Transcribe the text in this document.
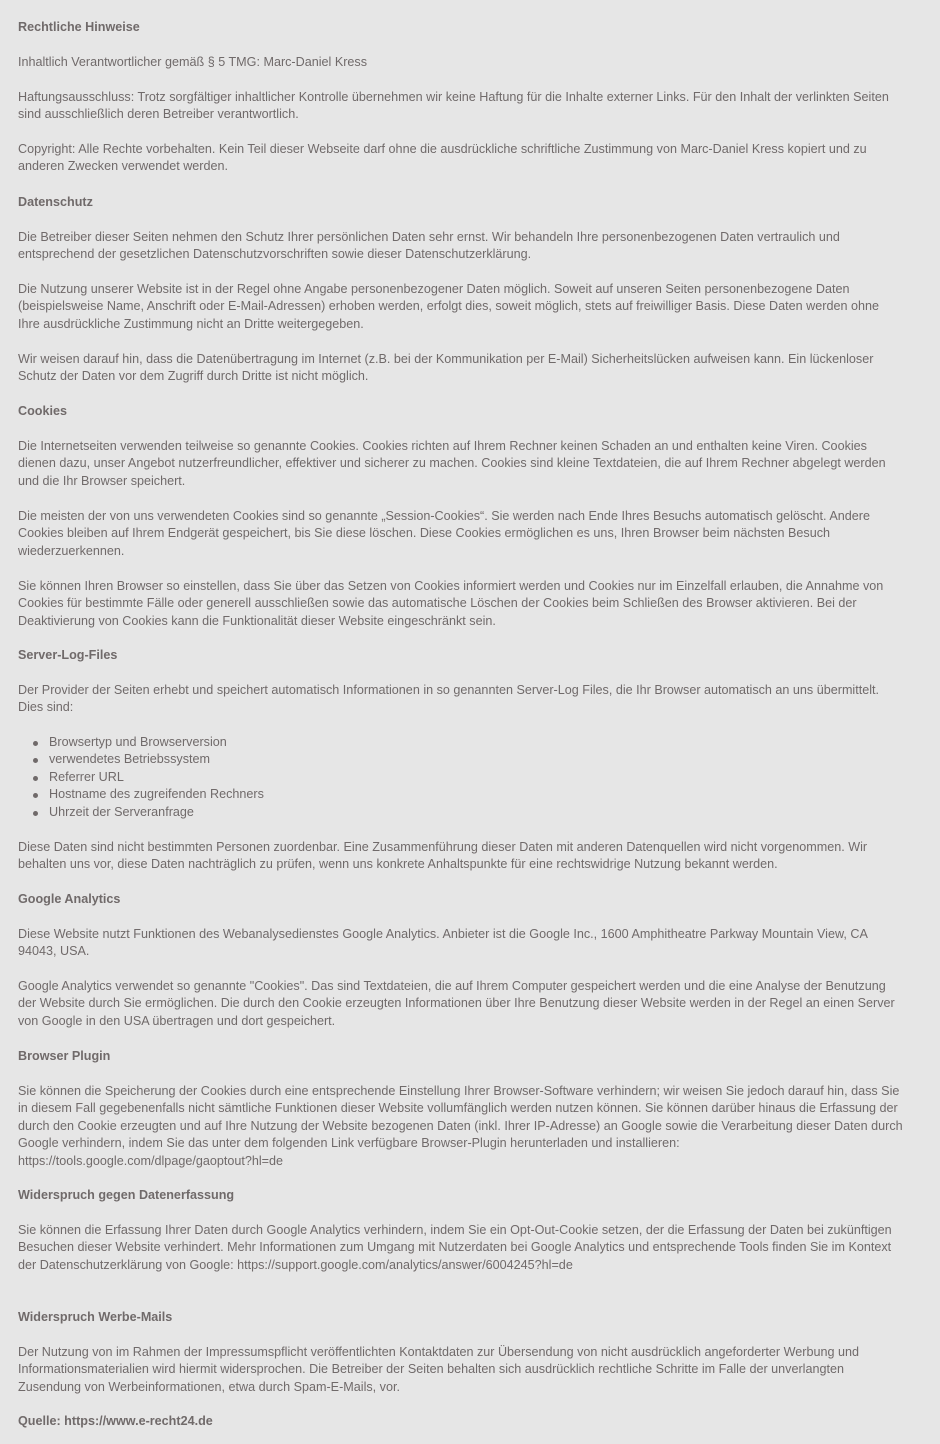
Rechtliche Hinweise

Inhaltlich Verantwortlicher gemäß § 5 TMG: Marc-Daniel Kress

Haftungsausschluss: Trotz sorgfältiger inhaltlicher Kontrolle übernehmen wir keine Haftung für die Inhalte externer Links. Für den Inhalt der verlinkten Seiten sind ausschließlich deren Betreiber verantwortlich.

Copyright: Alle Rechte vorbehalten. Kein Teil dieser Webseite darf ohne die ausdrückliche schriftliche Zustimmung von Marc-Daniel Kress kopiert und zu anderen Zwecken verwendet werden.

Datenschutz

Die Betreiber dieser Seiten nehmen den Schutz Ihrer persönlichen Daten sehr ernst. Wir behandeln Ihre personenbezogenen Daten vertraulich und entsprechend der gesetzlichen Datenschutzvorschriften sowie dieser Datenschutzerklärung.

Die Nutzung unserer Website ist in der Regel ohne Angabe personenbezogener Daten möglich. Soweit auf unseren Seiten personenbezogene Daten (beispielsweise Name, Anschrift oder E-Mail-Adressen) erhoben werden, erfolgt dies, soweit möglich, stets auf freiwilliger Basis. Diese Daten werden ohne Ihre ausdrückliche Zustimmung nicht an Dritte weitergegeben.

Wir weisen darauf hin, dass die Datenübertragung im Internet (z.B. bei der Kommunikation per E-Mail) Sicherheitslücken aufweisen kann. Ein lückenloser Schutz der Daten vor dem Zugriff durch Dritte ist nicht möglich.

Cookies

Die Internetseiten verwenden teilweise so genannte Cookies. Cookies richten auf Ihrem Rechner keinen Schaden an und enthalten keine Viren. Cookies dienen dazu, unser Angebot nutzerfreundlicher, effektiver und sicherer zu machen. Cookies sind kleine Textdateien, die auf Ihrem Rechner abgelegt werden und die Ihr Browser speichert.

Die meisten der von uns verwendeten Cookies sind so genannte „Session-Cookies“. Sie werden nach Ende Ihres Besuchs automatisch gelöscht. Andere Cookies bleiben auf Ihrem Endgerät gespeichert, bis Sie diese löschen. Diese Cookies ermöglichen es uns, Ihren Browser beim nächsten Besuch wiederzuerkennen.

Sie können Ihren Browser so einstellen, dass Sie über das Setzen von Cookies informiert werden und Cookies nur im Einzelfall erlauben, die Annahme von Cookies für bestimmte Fälle oder generell ausschließen sowie das automatische Löschen der Cookies beim Schließen des Browser aktivieren. Bei der Deaktivierung von Cookies kann die Funktionalität dieser Website eingeschränkt sein.

Server-Log-Files

Der Provider der Seiten erhebt und speichert automatisch Informationen in so genannten Server-Log Files, die Ihr Browser automatisch an uns übermittelt. Dies sind:

Browsertyp und Browserversion
verwendetes Betriebssystem
Referrer URL
Hostname des zugreifenden Rechners
Uhrzeit der Serveranfrage

Diese Daten sind nicht bestimmten Personen zuordenbar. Eine Zusammenführung dieser Daten mit anderen Datenquellen wird nicht vorgenommen. Wir behalten uns vor, diese Daten nachträglich zu prüfen, wenn uns konkrete Anhaltspunkte für eine rechtswidrige Nutzung bekannt werden.

Google Analytics

Diese Website nutzt Funktionen des Webanalysedienstes Google Analytics. Anbieter ist die Google Inc., 1600 Amphitheatre Parkway Mountain View, CA 94043, USA.

Google Analytics verwendet so genannte "Cookies". Das sind Textdateien, die auf Ihrem Computer gespeichert werden und die eine Analyse der Benutzung der Website durch Sie ermöglichen. Die durch den Cookie erzeugten Informationen über Ihre Benutzung dieser Website werden in der Regel an einen Server von Google in den USA übertragen und dort gespeichert.

Browser Plugin

Sie können die Speicherung der Cookies durch eine entsprechende Einstellung Ihrer Browser-Software verhindern; wir weisen Sie jedoch darauf hin, dass Sie in diesem Fall gegebenenfalls nicht sämtliche Funktionen dieser Website vollumfänglich werden nutzen können. Sie können darüber hinaus die Erfassung der durch den Cookie erzeugten und auf Ihre Nutzung der Website bezogenen Daten (inkl. Ihrer IP-Adresse) an Google sowie die Verarbeitung dieser Daten durch Google verhindern, indem Sie das unter dem folgenden Link verfügbare Browser-Plugin herunterladen und installieren: https://tools.google.com/dlpage/gaoptout?hl=de

Widerspruch gegen Datenerfassung

Sie können die Erfassung Ihrer Daten durch Google Analytics verhindern, indem Sie ein Opt-Out-Cookie setzen, der die Erfassung der Daten bei zukünftigen Besuchen dieser Website verhindert. Mehr Informationen zum Umgang mit Nutzerdaten bei Google Analytics und entsprechende Tools finden Sie im Kontext der Datenschutzerklärung von Google: https://support.google.com/analytics/answer/6004245?hl=de

Widerspruch Werbe-Mails

Der Nutzung von im Rahmen der Impressumspflicht veröffentlichten Kontaktdaten zur Übersendung von nicht ausdrücklich angeforderter Werbung und Informationsmaterialien wird hiermit widersprochen. Die Betreiber der Seiten behalten sich ausdrücklich rechtliche Schritte im Falle der unverlangten Zusendung von Werbeinformationen, etwa durch Spam-E-Mails, vor.

Quelle: https://www.e-recht24.de
